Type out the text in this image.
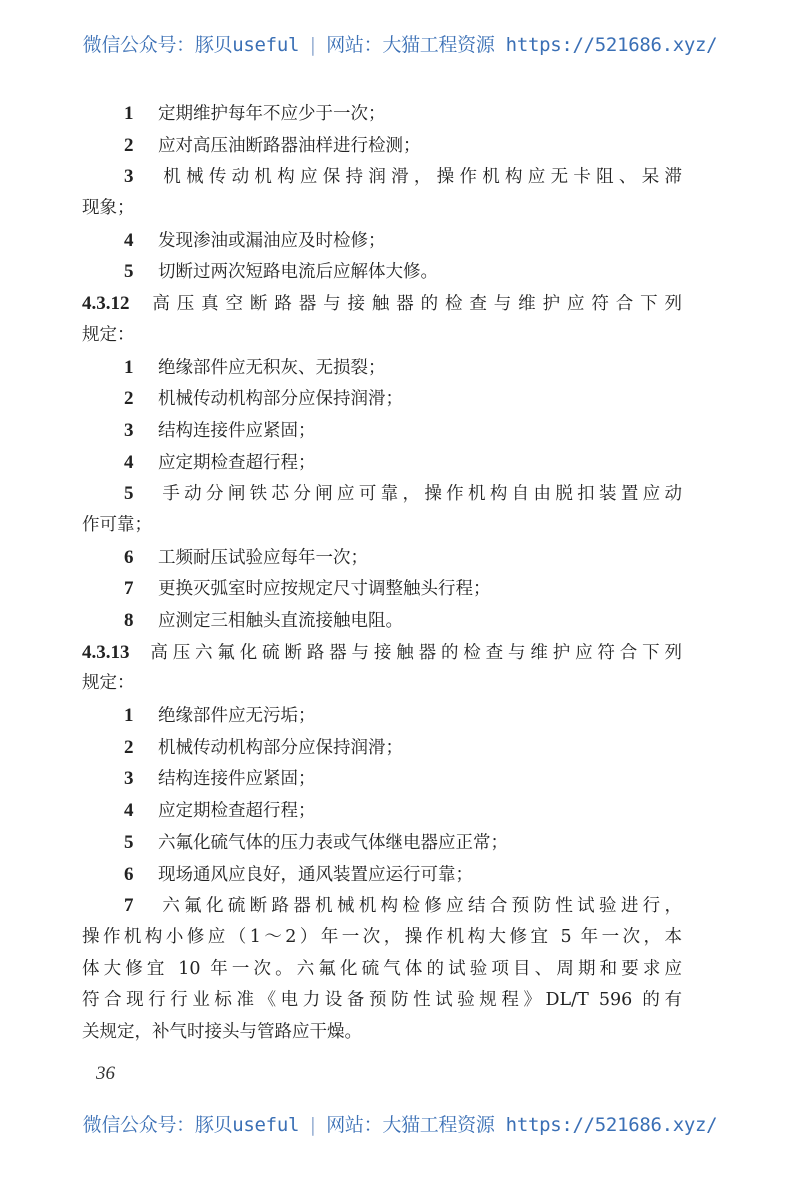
微信公众号：豚贝useful | 网站：大猫工程资源 https://521686.xyz/
1 定期维护每年不应少于一次；
2 应对高压油断路器油样进行检测；
3 机械传动机构应保持润滑，操作机构应无卡阻、呆滞
现象；
4 发现渗油或漏油应及时检修；
5 切断过两次短路电流后应解体大修。
4.3.12 高压真空断路器与接触器的检查与维护应符合下列
规定：
1 绝缘部件应无积灰、无损裂；
2 机械传动机构部分应保持润滑；
3 结构连接件应紧固；
4 应定期检查超行程；
5 手动分闸铁芯分闸应可靠，操作机构自由脱扣装置应动
作可靠；
6 工频耐压试验应每年一次；
7 更换灭弧室时应按规定尺寸调整触头行程；
8 应测定三相触头直流接触电阻。
4.3.13 高压六氟化硫断路器与接触器的检查与维护应符合下列
规定：
1 绝缘部件应无污垢；
2 机械传动机构部分应保持润滑；
3 结构连接件应紧固；
4 应定期检查超行程；
5 六氟化硫气体的压力表或气体继电器应正常；
6 现场通风应良好，通风装置应运行可靠；
7 六氟化硫断路器机械机构检修应结合预防性试验进行，
操作机构小修应（1～2）年一次，操作机构大修宜 5 年一次，本
体大修宜 10 年一次。六氟化硫气体的试验项目、周期和要求应
符合现行行业标准《电力设备预防性试验规程》DL/T 596 的有
关规定，补气时接头与管路应干燥。
36
微信公众号：豚贝useful | 网站：大猫工程资源 https://521686.xyz/
